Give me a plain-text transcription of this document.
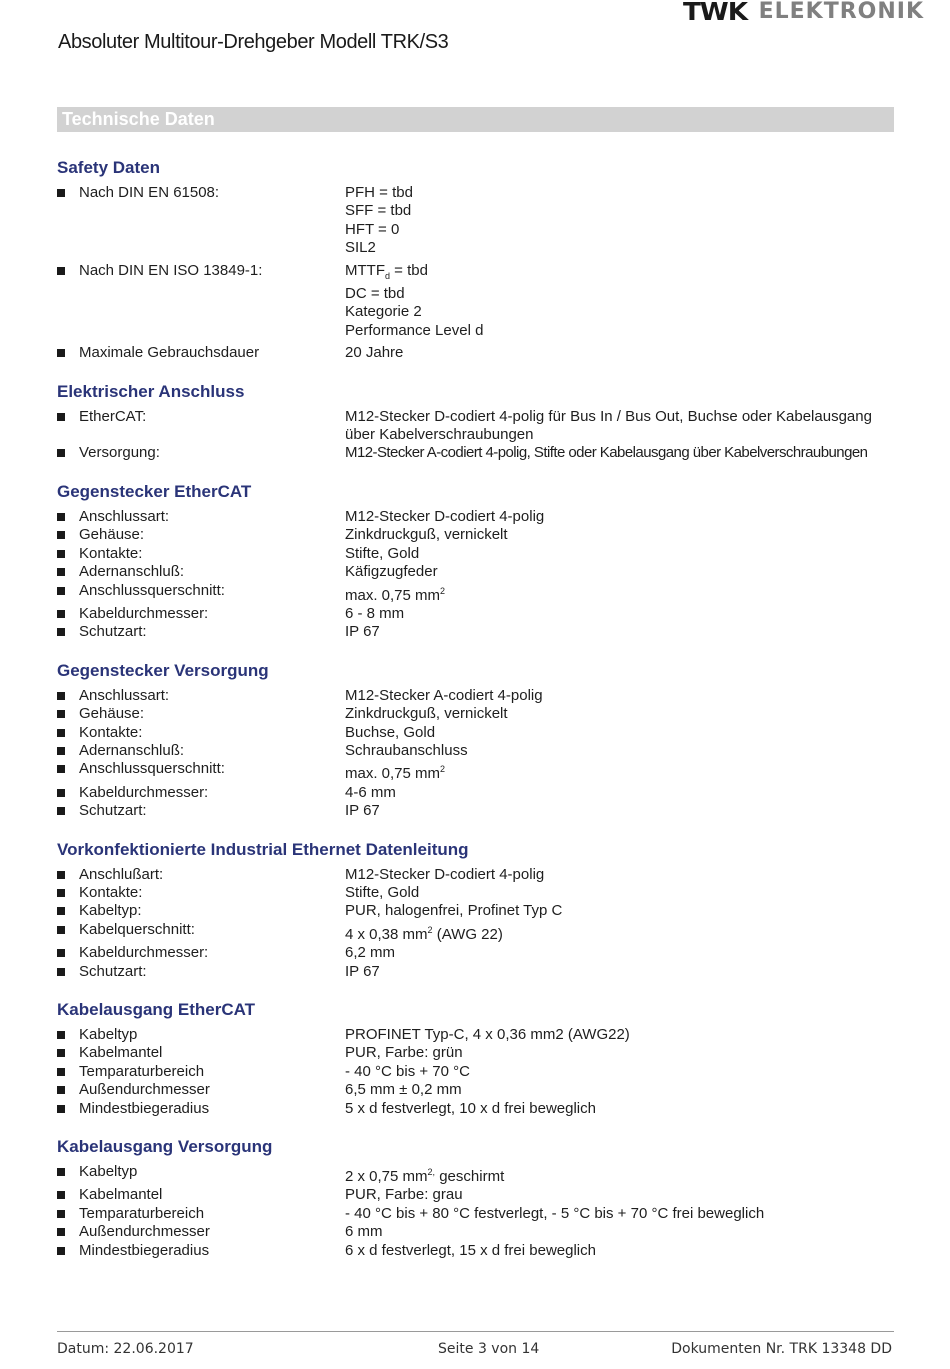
TWK ELEKTRONIK
Absoluter Multitour-Drehgeber Modell TRK/S3
Technische Daten
Safety Daten
Nach DIN EN 61508:	PFH = tbd
SFF = tbd
HFT = 0
SIL2
Nach DIN EN ISO 13849-1:	$MTTF_d$ = tbd
DC = tbd
Kategorie 2
Performance Level d
Maximale Gebrauchsdauer	20 Jahre
Elektrischer Anschluss
EtherCAT:	M12-Stecker D-codiert 4-polig für Bus In / Bus Out, Buchse oder Kabelausgang
über Kabelverschraubungen
Versorgung:	M12-Stecker A-codiert 4-polig, Stifte oder Kabelausgang über Kabelverschraubungen
Gegenstecker EtherCAT
Anschlussart:	M12-Stecker D-codiert 4-polig
Gehäuse:	Zinkdruckguß, vernickelt
Kontakte:	Stifte, Gold
Adernanschluß:	Käfigzugfeder
Anschlussquerschnitt:	max. 0,75 $mm^2$
Kabeldurchmesser:	6 - 8 mm
Schutzart:	IP 67
Gegenstecker Versorgung
Anschlussart:	M12-Stecker A-codiert 4-polig
Gehäuse:	Zinkdruckguß, vernickelt
Kontakte:	Buchse, Gold
Adernanschluß:	Schraubanschluss
Anschlussquerschnitt:	max. 0,75 $mm^2$
Kabeldurchmesser:	4-6 mm
Schutzart:	IP 67
Vorkonfektionierte Industrial Ethernet Datenleitung
Anschlußart:	M12-Stecker D-codiert 4-polig
Kontakte:	Stifte, Gold
Kabeltyp:	PUR, halogenfrei, Profinet Typ C
Kabelquerschnitt:	4 x 0,38 $mm^2$ (AWG 22)
Kabeldurchmesser:	6,2 mm
Schutzart:	IP 67
Kabelausgang EtherCAT
Kabeltyp	PROFINET Typ-C, 4 x 0,36 mm2 (AWG22)
Kabelmantel	PUR, Farbe: grün
Temparaturbereich	- 40 °C bis + 70 °C
Außendurchmesser	6,5 mm ± 0,2 mm
Mindestbiegeradius	5 x d festverlegt, 10 x d frei beweglich
Kabelausgang Versorgung
Kabeltyp	2 x 0,75 $mm^{2,}$ geschirmt
Kabelmantel	PUR, Farbe: grau
Temparaturbereich	- 40 °C bis + 80 °C festverlegt, - 5 °C bis + 70 °C frei beweglich
Außendurchmesser	6 mm
Mindestbiegeradius	6 x d festverlegt, 15 x d frei beweglich
Datum: 22.06.2017	Seite 3 von 14	Dokumenten Nr. TRK 13348 DD
